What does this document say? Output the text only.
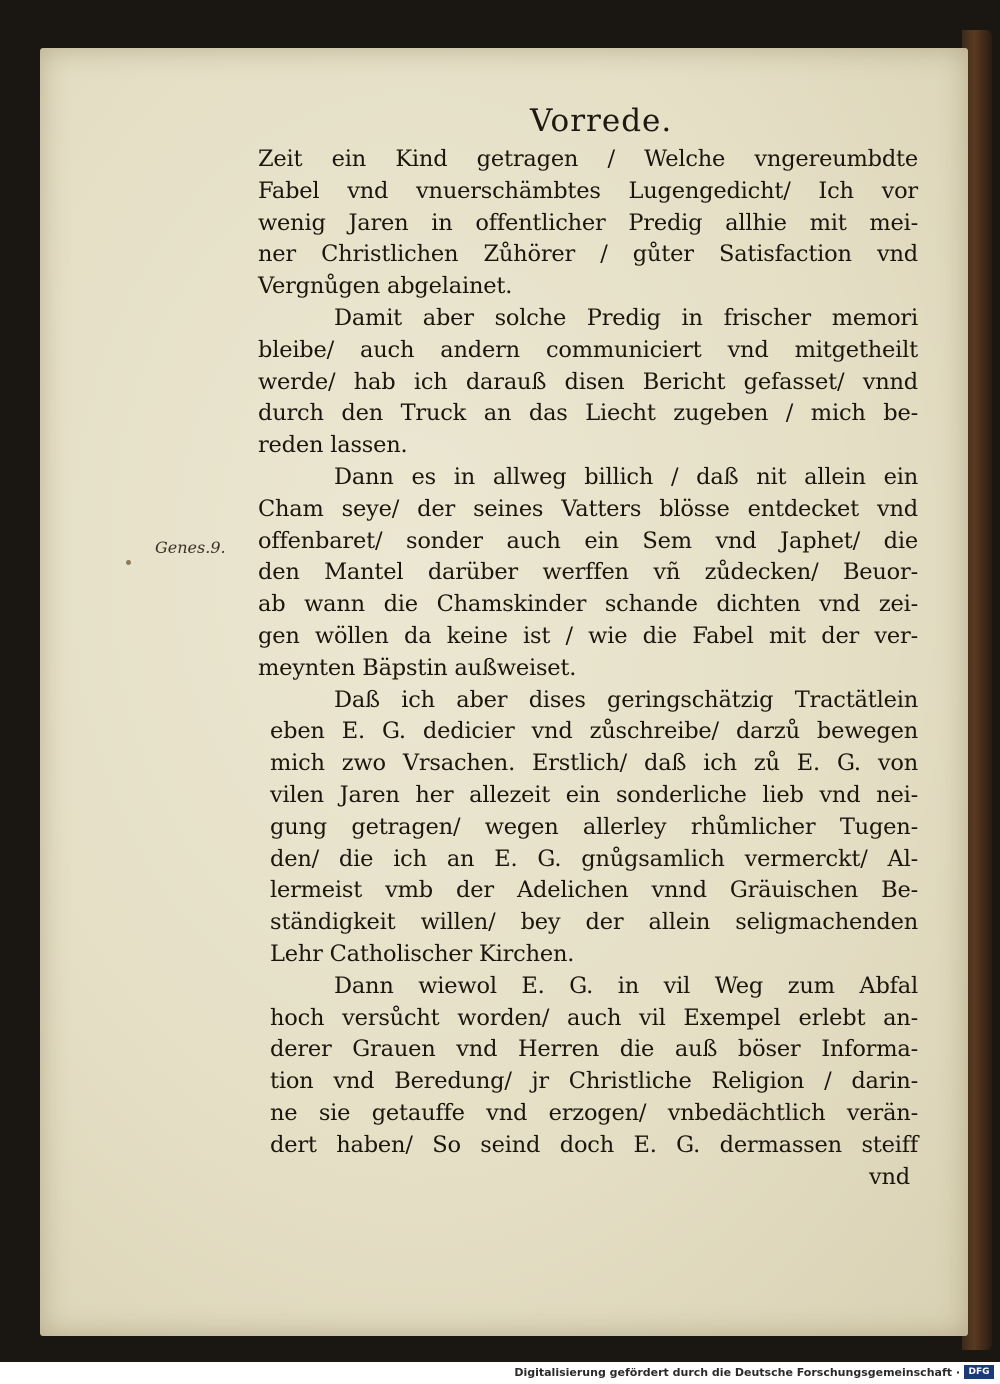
Vorrede.
Genes.9.
Zeit ein Kind getragen / Welche vngereumbdte
Fabel vnd vnuerschämbtes Lugengedicht/ Ich vor
wenig Jaren in offentlicher Predig allhie mit mei-
ner Christlichen Zůhörer / gůter Satisfaction vnd
Vergnůgen abgelainet.
Damit aber solche Predig in frischer memori
bleibe/ auch andern communiciert vnd mitgetheilt
werde/ hab ich darauß disen Bericht gefasset/ vnnd
durch den Truck an das Liecht zugeben / mich be-
reden lassen.
Dann es in allweg billich / daß nit allein ein
Cham seye/ der seines Vatters blösse entdecket vnd
offenbaret/ sonder auch ein Sem vnd Japhet/ die
den Mantel darüber werffen vñ zůdecken/ Beuor-
ab wann die Chamskinder schande dichten vnd zei-
gen wöllen da keine ist / wie die Fabel mit der ver-
meynten Bäpstin außweiset.
Daß ich aber dises geringschätzig Tractätlein
eben E. G. dedicier vnd zůschreibe/ darzů bewegen
mich zwo Vrsachen. Erstlich/ daß ich zů E. G. von
vilen Jaren her allezeit ein sonderliche lieb vnd nei-
gung getragen/ wegen allerley rhůmlicher Tugen-
den/ die ich an E. G. gnůgsamlich vermerckt/ Al-
lermeist vmb der Adelichen vnnd Gräuischen Be-
ständigkeit willen/ bey der allein seligmachenden
Lehr Catholischer Kirchen.
Dann wiewol E. G. in vil Weg zum Abfal
hoch versůcht worden/ auch vil Exempel erlebt an-
derer Grauen vnd Herren die auß böser Informa-
tion vnd Beredung/ jr Christliche Religion / darin-
ne sie getauffe vnd erzogen/ vnbedächtlich verän-
dert haben/ So seind doch E. G. dermassen steiff
vnd
Digitalisierung gefördert durch die Deutsche Forschungsgemeinschaft · DFG
